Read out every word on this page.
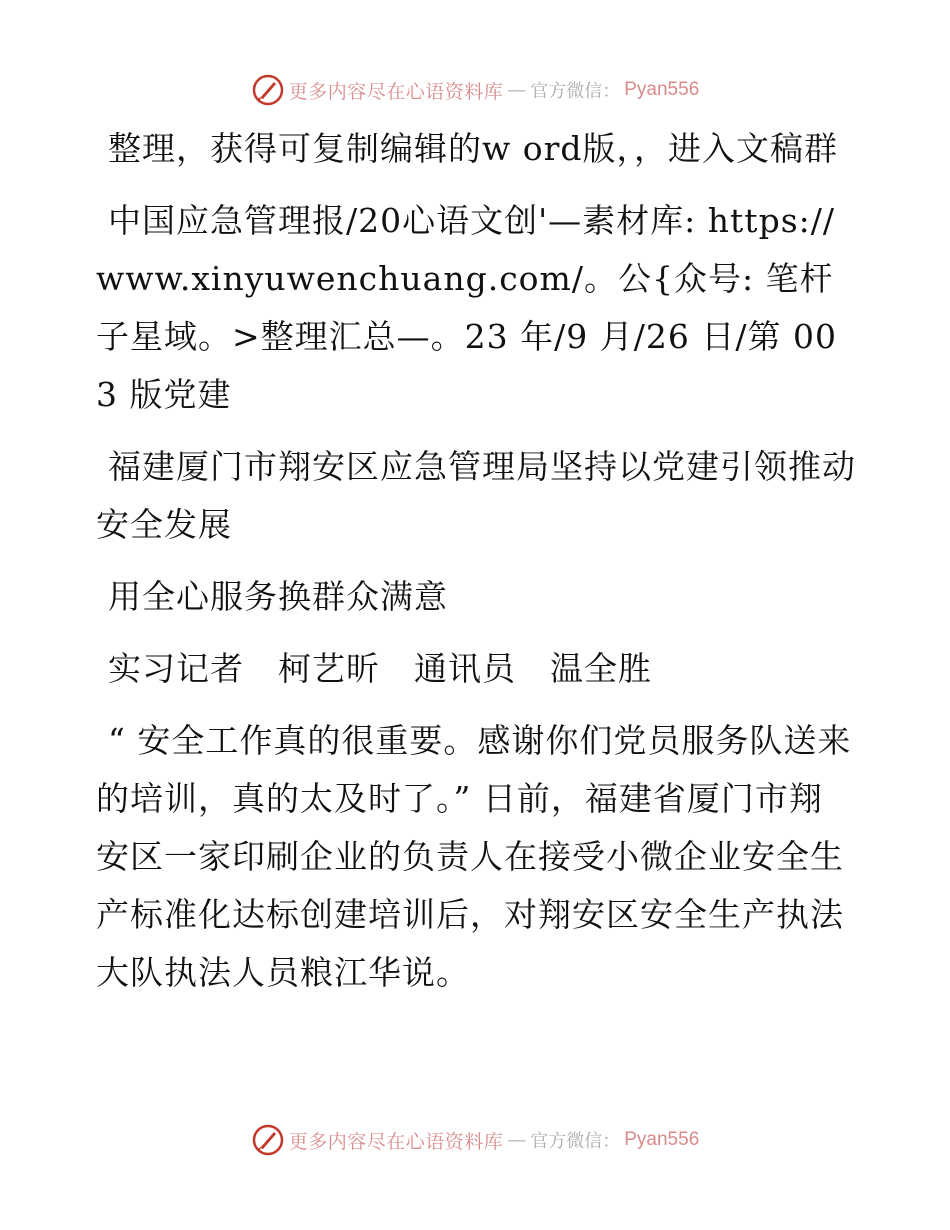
更多内容尽在心语资料库 — 官方微信： Pyan556

整理，获得可复制编辑的w ord版，，进入文稿群

中国应急管理报/20心语文创'—素材库: https://www.xinyuwenchuang.com/。公{众号: 笔杆子星域。>整理汇总—。23 年/9 月/26 日/第 003 版党建

福建厦门市翔安区应急管理局坚持以党建引领推动安全发展

用全心服务换群众满意

实习记者 柯艺昕 通讯员 温全胜

“ 安全工作真的很重要。感谢你们党员服务队送来的培训，真的太及时了。” 日前，福建省厦门市翔安区一家印刷企业的负责人在接受小微企业安全生产标准化达标创建培训后，对翔安区安全生产执法大队执法人员粮江华说。

更多内容尽在心语资料库 — 官方微信： Pyan556
